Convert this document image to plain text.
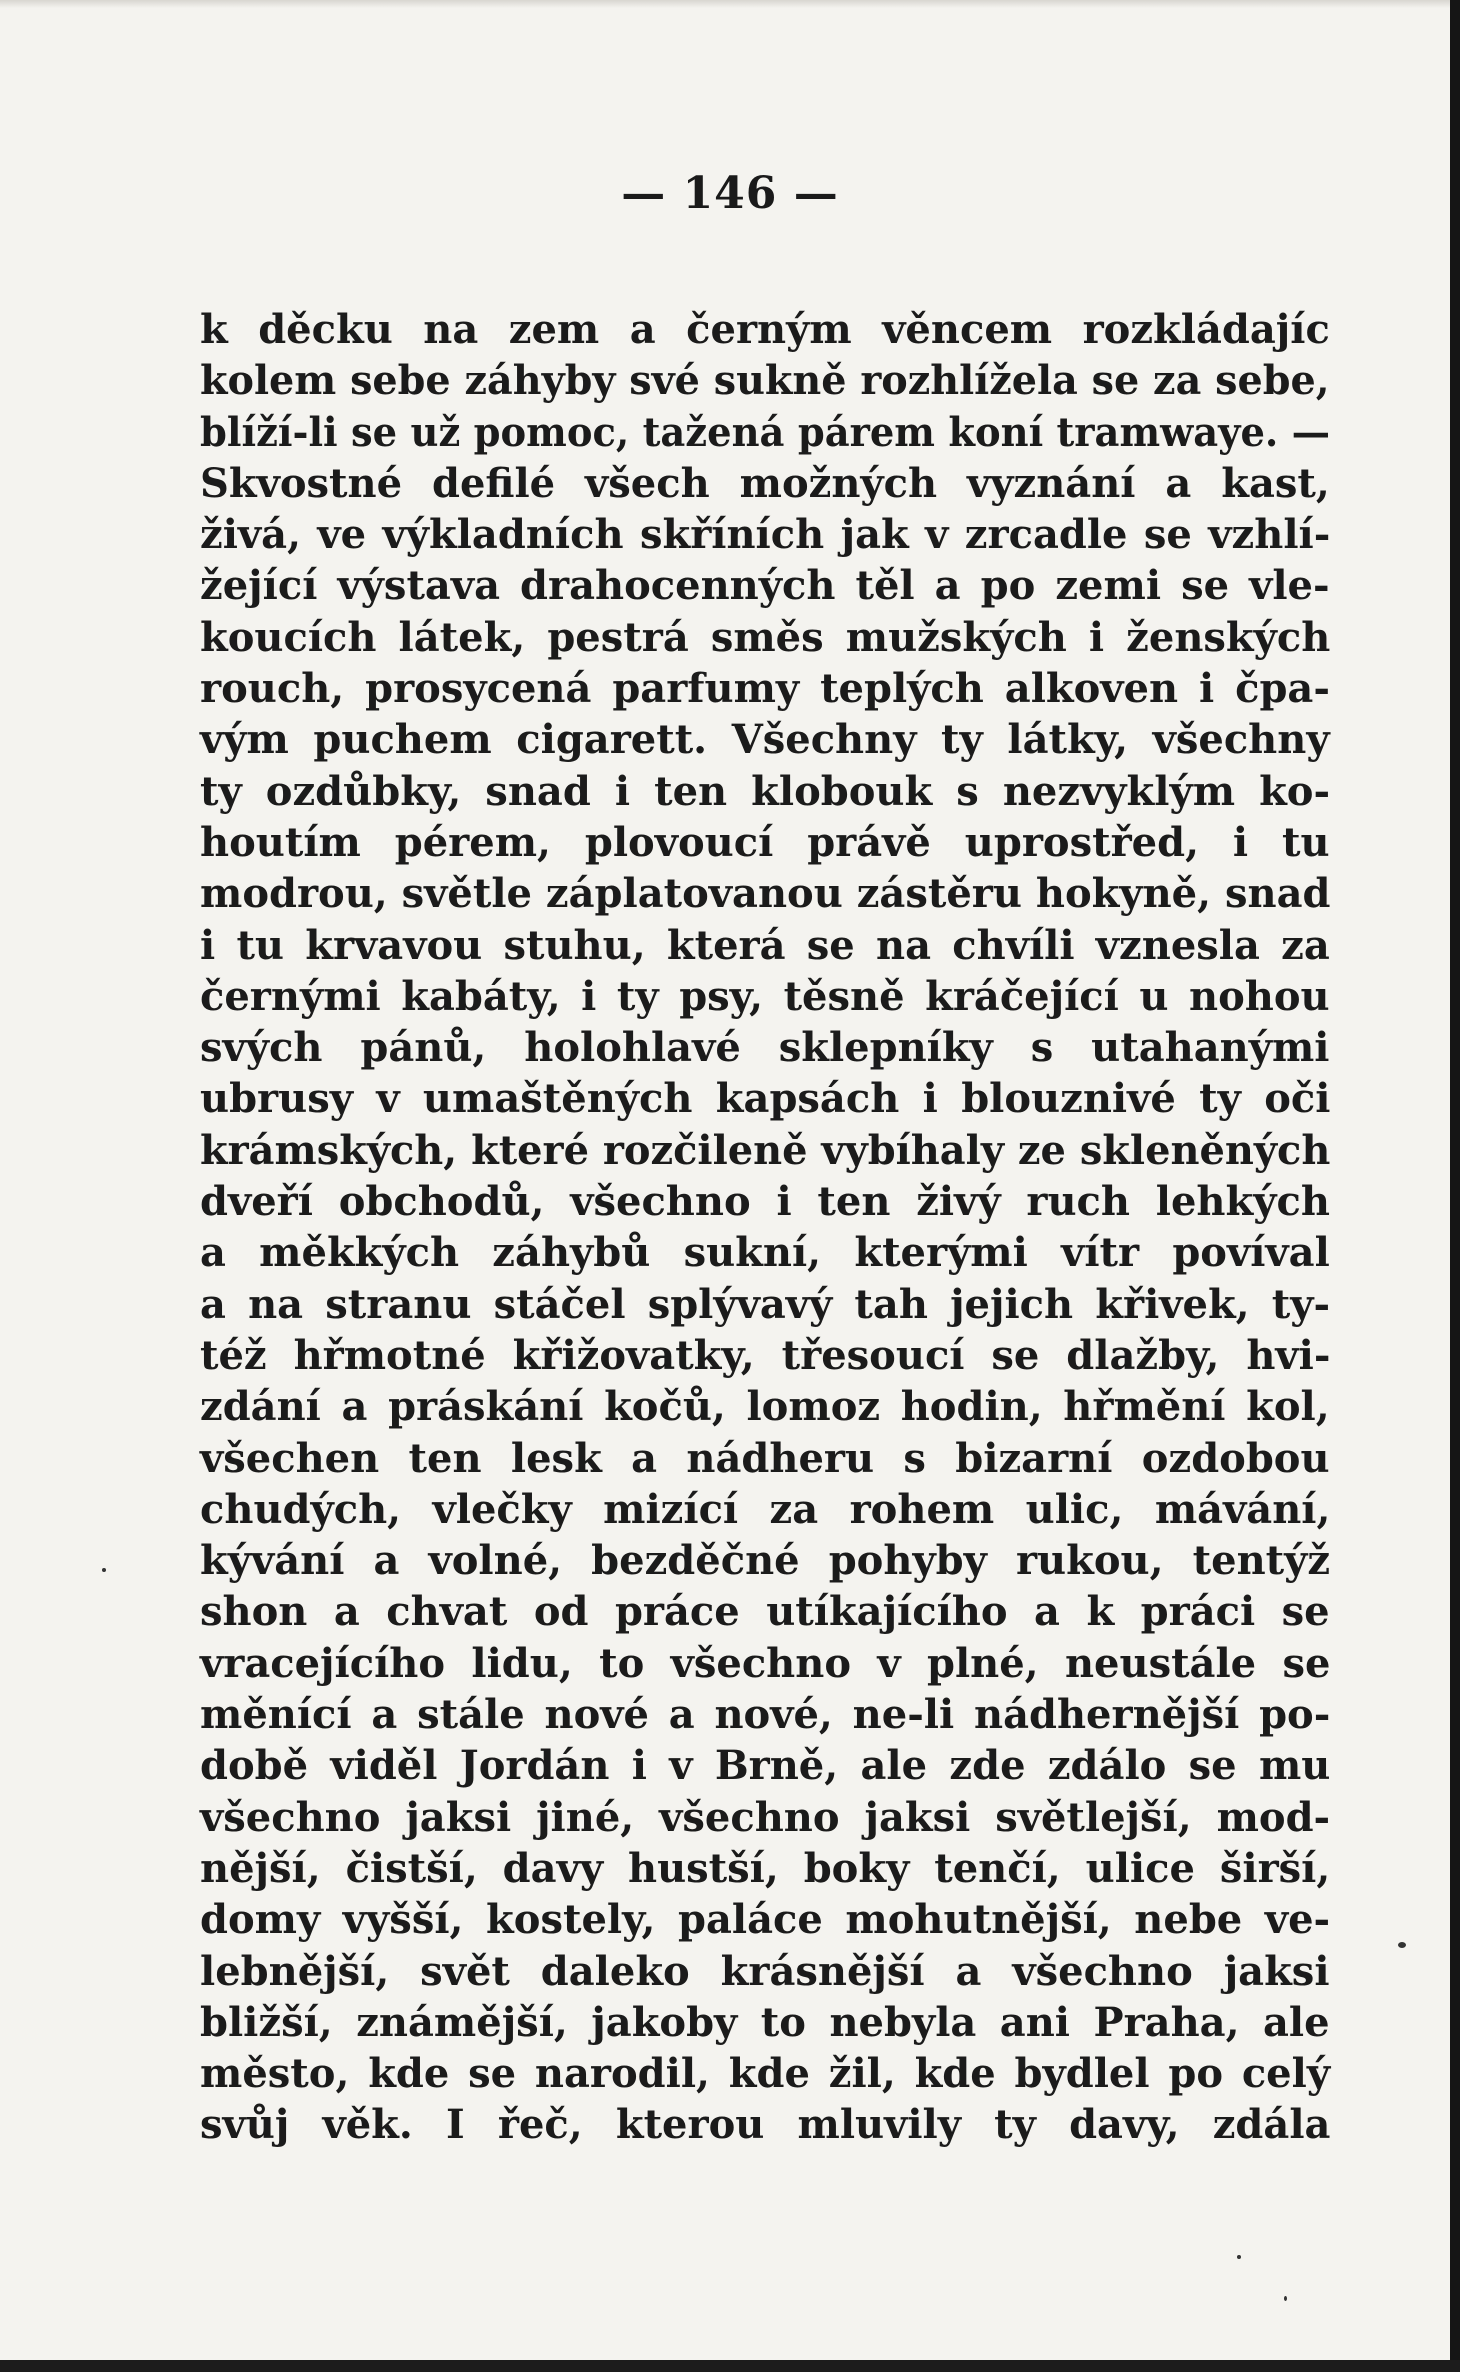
— 146 —
k děcku na zem a černým věncem rozkládajíc
kolem sebe záhyby své sukně rozhlížela se za sebe,
blíží-li se už pomoc, tažená párem koní tramwaye. —
Skvostné defilé všech možných vyznání a kast,
živá, ve výkladních skříních jak v zrcadle se vzhlí-
žející výstava drahocenných těl a po zemi se vle-
koucích látek, pestrá směs mužských i ženských
rouch, prosycená parfumy teplých alkoven i čpa-
vým puchem cigarett. Všechny ty látky, všechny
ty ozdůbky, snad i ten klobouk s nezvyklým ko-
houtím pérem, plovoucí právě uprostřed, i tu
modrou, světle záplatovanou zástěru hokyně, snad
i tu krvavou stuhu, která se na chvíli vznesla za
černými kabáty, i ty psy, těsně kráčející u nohou
svých pánů, holohlavé sklepníky s utahanými
ubrusy v umaštěných kapsách i blouznivé ty oči
krámských, které rozčileně vybíhaly ze skleněných
dveří obchodů, všechno i ten živý ruch lehkých
a měkkých záhybů sukní, kterými vítr povíval
a na stranu stáčel splývavý tah jejich křivek, ty-
též hřmotné křižovatky, třesoucí se dlažby, hvi-
zdání a práskání kočů, lomoz hodin, hřmění kol,
všechen ten lesk a nádheru s bizarní ozdobou
chudých, vlečky mizící za rohem ulic, mávání,
kývání a volné, bezděčné pohyby rukou, tentýž
shon a chvat od práce utíkajícího a k práci se
vracejícího lidu, to všechno v plné, neustále se
měnící a stále nové a nové, ne-li nádhernější po-
době viděl Jordán i v Brně, ale zde zdálo se mu
všechno jaksi jiné, všechno jaksi světlejší, mod-
nější, čistší, davy hustší, boky tenčí, ulice širší,
domy vyšší, kostely, paláce mohutnější, nebe ve-
lebnější, svět daleko krásnější a všechno jaksi
bližší, známější, jakoby to nebyla ani Praha, ale
město, kde se narodil, kde žil, kde bydlel po celý
svůj věk. I řeč, kterou mluvily ty davy, zdála
